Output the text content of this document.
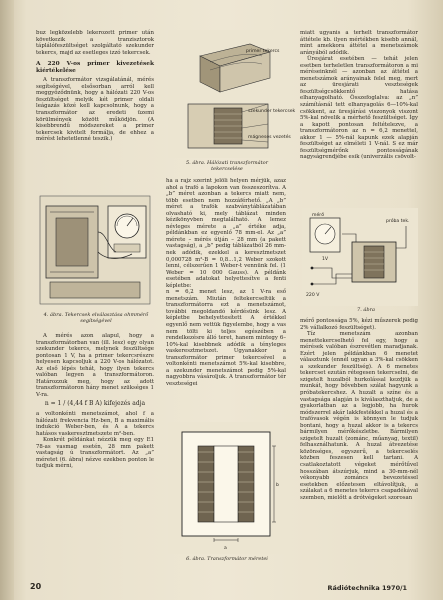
buz legközelebb lekerozett primer után következik a tranzisztorok táplálófeszültséget szolgáltató szekunder tekercs, majd az esetleges izzó tekercsek.

A 220 V-os primer kivezetések kiértékelése

A transzformátor vizsgálatánál, mérés segítségével, elsősorban arról kell meggyőződnünk, hogy a hálózati 220 V-os feszültséget melyik két primer oldali leágazás közé kell kapcsolnunk, hogy a transzformátor az eredeti üzemi körülmények között működjön. (A kisebbrendű módszereket a primer tekercsek kivitelt formálja, de ehhez a mérést lehetetlenné teszik.)

4. ábra. Tekercsek elválasztása ohmmérő segítségével

A mérés azon alapul, hogy a transzformátorban van (ill. lesz) egy olyan szekunder tekercs, melynek feszültsége pontosan 1 V, ha a primer tekercsrészre helyesen kapcsoljuk a 220 V-os hálózatot. Az első lépés tehát, hogy ilyen tekercs valóban legyen a transzformátoron. Határozzuk meg, hogy az adott transzformátoron hány menet szükséges 1 V-ra.

n = 1 / (4,44 f B A) kifejezés adja

a voltonkénti menetszámot, ahol f a hálózati frekvencia Hz-ben, B a maximális indukció Weber-ben, és A a tekercs hatásos vaskeresztmetszete m²-ben.

Konkrét példánkat nézzük meg egy E1 78-as vasmag esetén, 28 mm pakett vastagság ú transzformátort. Az „a” méretet (6. ábra) nézve ezekben ponton le tudjuk mérni,

primer tekercs
szekunder tekercsek
mágneses vezetés
5. ábra. Hálózati transzformátor tekercselése

ha a rajz szerint jelöli helyen mérjük, azaz ahol a trafó a lapokon van összeszorítva. A „b” méret azonban a tekercs miatt nem, több esetben nem hozzáférhető. „A „b” méret a trafók szabványtáblázatában olvasható ki, mely táblázat minden kézikönyvben megtalálható. A lemez névleges mérete a „a” értéke adja, példánkban ez egyenlő 78 mm-el. Az „a” mérete – mérés útján – 28 mm (a pakett vastagság), a „b” pedig táblázatból 26 mm-nek adódik, ezekkel a keresztmetszet 0,000728 m²-B = 0,8...1,2 Weber szokott lenni, célszerűen 1 Weber-t vennünk fel. (1 Weber = 10 000 Gauss). A példánk esetében adatokat helyettesítve a fenti képletbe:

n = 6,2 menet lesz, az 1 V-ra eső menetszám. Miután feltekercseltük a transzformátorra ezt a menetszámot, további megoldandó kérdésünk lesz. A képletbe behelyettesített A értékkel egyenlő nem vettük figyelembe, hogy a vas nem tölti ki teljes egészében a rendelkezésre álló teret, hanem mintegy 6–10%-kal kisebbnek adódik a tényleges vaskeresztmetszet. Ugyanakkor a transzformátor primer tekercsével a voltonkénti menetszámot 5%-kal kisebbre, a szekunder menetszámot pedig 5%-kal nagyobbra vásároljuk. A transzformátor tér veszteségei

a
b
6. ábra. Transzformátor méretei

miatt ugyanis a terhelt transzformátor áttétele kb. ilyen mértékben kisebb annál, mint amekkora áttétel a menetszámok arányából adódik.

Üresjárat esetében — tehát jelen esetben terheletlen transzformátoron a mi méréseinknél — azonban az áttétel a menetszámok arányainak felel meg, mert az üresjárati veszteségek feszültségcsökkentő hatása elhanyagolható. Összefoglalva: az „n” számításnál tett elhanyagolás 6—10%-kal csökkent, az üresjárási viszonyok viszont 5%-kal növelik a mérhető feszültséget. Így a kapott pontosan feltételezve, a transzformátoron az n = 6,2 menettel, akkor 1 — 5%-nál kapunk ezek alapján feszültséget az elméleti 1 V-nál. S ez már feszültségmérőnk pontosságának nagyságrendjébe esik (univerzális csövolt-

220 V
1V
mérő
próba tek.
7. ábra

mérő pontossága 5%, kézi műszerek pedig 2% vállalkozó feszültséget).

Tíz menetszám azonban menettekercselhető fel egy, hogy a mérések valóban észrevétlen maradjanak. Ezért jelen példánkban 6 menetet választunk (ennél ugyan a 3%-kal csökken a szekunder feszültség). A 6 menetes tekercset ezután rétegesen tekercselni, de szigetelt huzalból hurkolással kezdjük a munkát, hogy bővebben szálat hagyunk a próbatekercshez. A huzalt a színe és a vastagsága alapján is kiválaszthatjuk, de a gyakorlatban az a legjobb, ha hurok módszerrel akár lakkfestékkel a huzal és a trafóvasok végén is könnyen le tudjuk bontani, hogy a huzal akkor is a tekercs bármilyen mérőkészletbe. Bármilyen szigetelt huzalt (zománc, műanyag, textil) felhasználhatunk. A huzal átvezetése közönséges, egyszerű, a tekercselés közben feszesen kell tartani. A csatlakoztatott végeket mérőtűvel hosszában átszúrjuk, mind a 30-mm-nél vékonyabb zománcs bevezetéssel esetekben előzetesen eltávolítjuk, a szálakat a 6 menetes tekercs csapadékával szemben, mielőtt a drótvégeket szorosan

20	Rádiótechnika 1970/1
